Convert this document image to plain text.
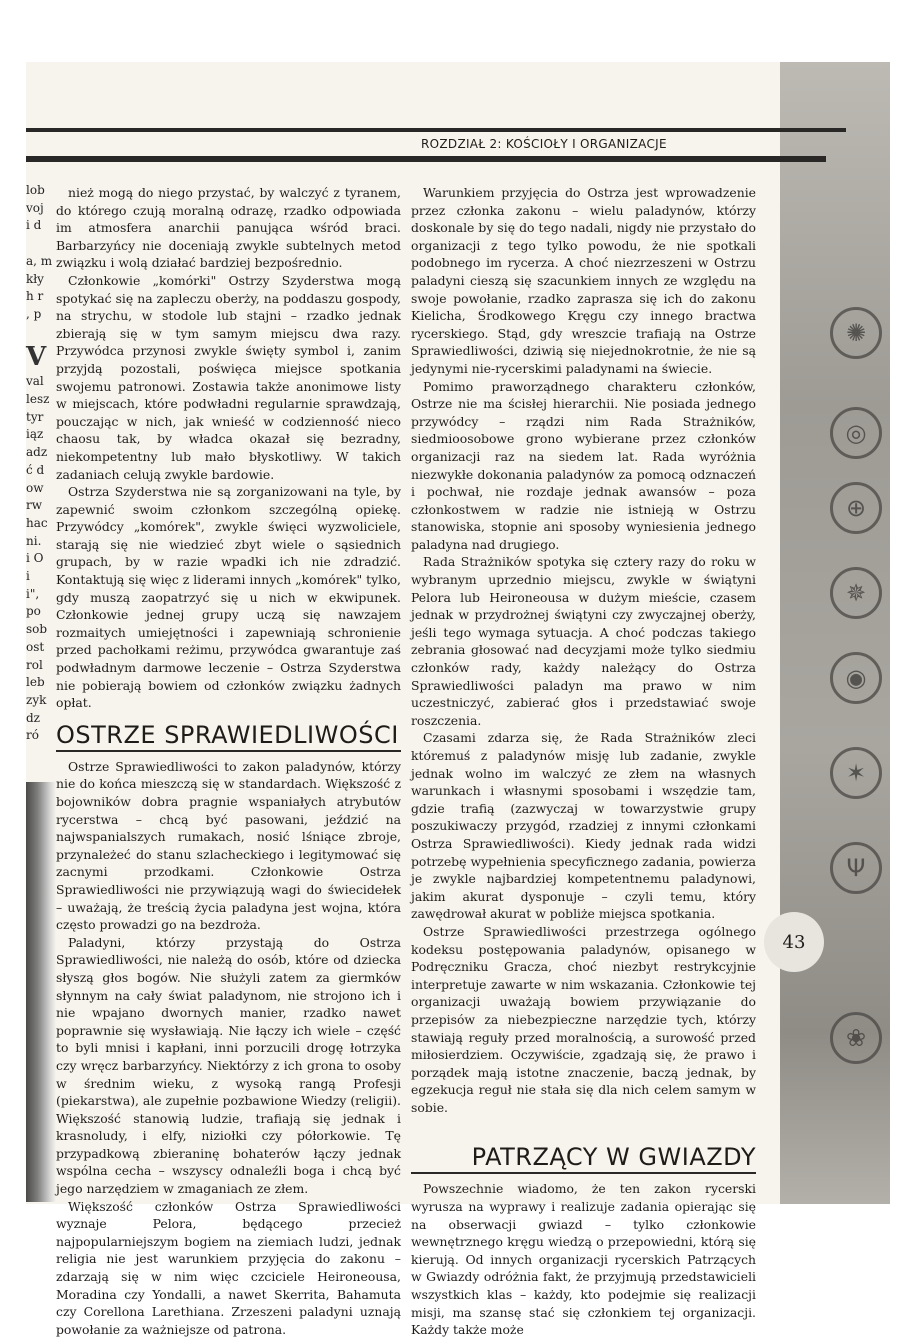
lob
voj
i d

a, m
kły
h r
, p

V
val
lesz
tyr
iąz
adz
ć d
ow
rw
hac
ni.
i O
i
i",
po
sob
ost
rol
leb
zyk
dz
ró
✺
◎
⊕
✵
◉
✶
Ψ
❀
ROZDZIAŁ 2: KOŚCIOŁY I ORGANIZACJE

nież mogą do niego przystać, by walczyć z tyranem, do którego czują moralną odrazę, rzadko odpowiada im atmosfera anarchii panująca wśród braci. Barbarzyńcy nie doceniają zwykle subtelnych metod związku i wolą działać bardziej bezpośrednio.

Członkowie „komórki" Ostrzy Szyderstwa mogą spotykać się na zapleczu oberży, na poddaszu gospody, na strychu, w stodole lub stajni – rzadko jednak zbierają się w tym samym miejscu dwa razy. Przywódca przynosi zwykle święty symbol i, zanim przyjdą pozostali, poświęca miejsce spotkania swojemu patronowi. Zostawia także anonimowe listy w miejscach, które podwładni regularnie sprawdzają, pouczając w nich, jak wnieść w codzienność nieco chaosu tak, by władca okazał się bezradny, niekompetentny lub mało błyskotliwy. W takich zadaniach celują zwykle bardowie.

Ostrza Szyderstwa nie są zorganizowani na tyle, by zapewnić swoim członkom szczególną opiekę. Przywódcy „komórek", zwykle święci wyzwoliciele, starają się nie wiedzieć zbyt wiele o sąsiednich grupach, by w razie wpadki ich nie zdradzić. Kontaktują się więc z liderami innych „komórek" tylko, gdy muszą zaopatrzyć się u nich w ekwipunek. Członkowie jednej grupy uczą się nawzajem rozmaitych umiejętności i zapewniają schronienie przed pachołkami reżimu, przywódca gwarantuje zaś podwładnym darmowe leczenie – Ostrza Szyderstwa nie pobierają bowiem od członków związku żadnych opłat.

OSTRZE SPRAWIEDLIWOŚCI

Ostrze Sprawiedliwości to zakon paladynów, którzy nie do końca mieszczą się w standardach. Większość z bojowników dobra pragnie wspaniałych atrybutów rycerstwa – chcą być pasowani, jeździć na najwspanialszych rumakach, nosić lśniące zbroje, przynależeć do stanu szlacheckiego i legitymować się zacnymi przodkami. Członkowie Ostrza Sprawiedliwości nie przywiązują wagi do świecidełek – uważają, że treścią życia paladyna jest wojna, która często prowadzi go na bezdroża.

Paladyni, którzy przystają do Ostrza Sprawiedliwości, nie należą do osób, które od dziecka słyszą głos bogów. Nie służyli zatem za giermków słynnym na cały świat paladynom, nie strojono ich i nie wpajano dwornych manier, rzadko nawet poprawnie się wysławiają. Nie łączy ich wiele – część to byli mnisi i kapłani, inni porzucili drogę łotrzyka czy wręcz barbarzyńcy. Niektórzy z ich grona to osoby w średnim wieku, z wysoką rangą Profesji (piekarstwa), ale zupełnie pozbawione Wiedzy (religii). Większość stanowią ludzie, trafiają się jednak i krasnoludy, i elfy, niziołki czy półorkowie. Tę przypadkową zbieraninę bohaterów łączy jednak wspólna cecha – wszyscy odnaleźli boga i chcą być jego narzędziem w zmaganiach ze złem.

Większość członków Ostrza Sprawiedliwości wyznaje Pelora, będącego przecież najpopularniejszym bogiem na ziemiach ludzi, jednak religia nie jest warunkiem przyjęcia do zakonu – zdarzają się w nim więc czciciele Heironeousa, Moradina czy Yondalli, a nawet Skerrita, Bahamuta czy Corellona Larethiana. Zrzeszeni paladyni uznają powołanie za ważniejsze od patrona.

Warunkiem przyjęcia do Ostrza jest wprowadzenie przez członka zakonu – wielu paladynów, którzy doskonale by się do tego nadali, nigdy nie przystało do organizacji z tego tylko powodu, że nie spotkali podobnego im rycerza. A choć niezrzeszeni w Ostrzu paladyni cieszą się szacunkiem innych ze względu na swoje powołanie, rzadko zaprasza się ich do zakonu Kielicha, Środkowego Kręgu czy innego bractwa rycerskiego. Stąd, gdy wreszcie trafiają na Ostrze Sprawiedliwości, dziwią się niejednokrotnie, że nie są jedynymi nie-rycerskimi paladynami na świecie.

Pomimo praworządnego charakteru członków, Ostrze nie ma ścisłej hierarchii. Nie posiada jednego przywódcy – rządzi nim Rada Strażników, siedmioosobowe grono wybierane przez członków organizacji raz na siedem lat. Rada wyróżnia niezwykłe dokonania paladynów za pomocą odznaczeń i pochwał, nie rozdaje jednak awansów – poza członkostwem w radzie nie istnieją w Ostrzu stanowiska, stopnie ani sposoby wyniesienia jednego paladyna nad drugiego.

Rada Strażników spotyka się cztery razy do roku w wybranym uprzednio miejscu, zwykle w świątyni Pelora lub Heironeousa w dużym mieście, czasem jednak w przydrożnej świątyni czy zwyczajnej oberży, jeśli tego wymaga sytuacja. A choć podczas takiego zebrania głosować nad decyzjami może tylko siedmiu członków rady, każdy należący do Ostrza Sprawiedliwości paladyn ma prawo w nim uczestniczyć, zabierać głos i przedstawiać swoje roszczenia.

Czasami zdarza się, że Rada Strażników zleci któremuś z paladynów misję lub zadanie, zwykle jednak wolno im walczyć ze złem na własnych warunkach i własnymi sposobami i wszędzie tam, gdzie trafią (zazwyczaj w towarzystwie grupy poszukiwaczy przygód, rzadziej z innymi członkami Ostrza Sprawiedliwości). Kiedy jednak rada widzi potrzebę wypełnienia specyficznego zadania, powierza je zwykle najbardziej kompetentnemu paladynowi, jakim akurat dysponuje – czyli temu, który zawędrował akurat w pobliże miejsca spotkania.

Ostrze Sprawiedliwości przestrzega ogólnego kodeksu postępowania paladynów, opisanego w Podręczniku Gracza, choć niezbyt restrykcyjnie interpretuje zawarte w nim wskazania. Członkowie tej organizacji uważają bowiem przywiązanie do przepisów za niebezpieczne narzędzie tych, którzy stawiają reguły przed moralnością, a surowość przed miłosierdziem. Oczywiście, zgadzają się, że prawo i porządek mają istotne znaczenie, baczą jednak, by egzekucja reguł nie stała się dla nich celem samym w sobie.

PATRZĄCY W GWIAZDY

Powszechnie wiadomo, że ten zakon rycerski wyrusza na wyprawy i realizuje zadania opierając się na obserwacji gwiazd – tylko członkowie wewnętrznego kręgu wiedzą o przepowiedni, którą się kierują. Od innych organizacji rycerskich Patrzących w Gwiazdy odróżnia fakt, że przyjmują przedstawicieli wszystkich klas – każdy, kto podejmie się realizacji misji, ma szansę stać się członkiem tej organizacji. Każdy także może

43
